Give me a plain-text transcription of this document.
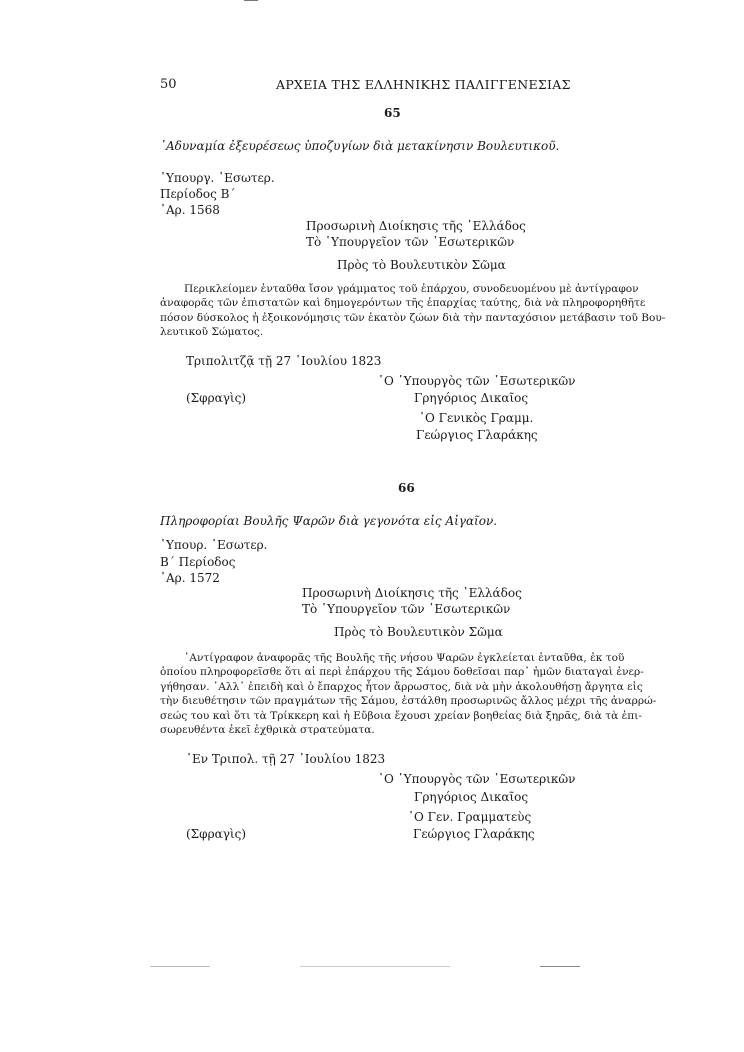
50	ΑΡΧΕΙΑ ΤΗΣ ΕΛΛΗΝΙΚΗΣ ΠΑΛΙΓΓΕΝΕΣΙΑΣ
65
᾿Αδυναμία ἐξευρέσεως ὑποζυγίων διὰ μετακίνησιν Βουλευτικοῦ.
῾Υπουργ. ᾿Εσωτερ.
Περίοδος Β΄
᾿Αρ. 1568
Προσωρινὴ Διοίκησις τῆς ῾Ελλάδος
Τὸ ῾Υπουργεῖον τῶν ᾿Εσωτερικῶν
Πρὸς τὸ Βουλευτικὸν Σῶμα
Περικλείομεν ἐνταῦθα ἴσον γράμματος τοῦ ἐπάρχου, συνοδευομένου μὲ ἀντίγραφον
ἀναφορᾶς τῶν ἐπιστατῶν καὶ δημογερόντων τῆς ἐπαρχίας ταύτης, διὰ νὰ πληροφορηθῆτε
πόσον δύσκολος ἡ ἐξοικονόμησις τῶν ἑκατὸν ζώων διὰ τὴν πανταχόσιον μετάβασιν τοῦ Βου-
λευτικοῦ Σώματος.
Τριπολιτζᾷ τῇ 27 ᾿Ιουλίου 1823
῾Ο ῾Υπουργὸς τῶν ᾿Εσωτερικῶν
(Σφραγὶς)	Γρηγόριος Δικαῖος
῾Ο Γενικὸς Γραμμ.
Γεώργιος Γλαράκης
66
Πληροφορίαι Βουλῆς Ψαρῶν διὰ γεγονότα εἰς Αἰγαῖον.
῾Υπουρ. ᾿Εσωτερ.
Β΄ Περίοδος
᾿Αρ. 1572
Προσωρινὴ Διοίκησις τῆς ῾Ελλάδος
Τὸ ῾Υπουργεῖον τῶν ᾿Εσωτερικῶν
Πρὸς τὸ Βουλευτικὸν Σῶμα
᾿Αντίγραφον ἀναφορᾶς τῆς Βουλῆς τῆς νήσου Ψαρῶν ἐγκλείεται ἐνταῦθα, ἐκ τοῦ
ὁποίου πληροφορεῖσθε ὅτι αἱ περὶ ἐπάρχου τῆς Σάμου δοθεῖσαι παρ᾿ ἡμῶν διαταγαὶ ἐνερ-
γήθησαν. ᾿Αλλ᾿ ἐπειδὴ καὶ ὁ ἔπαρχος ἦτον ἄρρωστος, διὰ νὰ μὴν ἀκολουθήσῃ ἄργητα εἰς
τὴν διευθέτησιν τῶν πραγμάτων τῆς Σάμου, ἐστάλθη προσωρινῶς ἄλλος μέχρι τῆς ἀναρρώ-
σεώς του καὶ ὅτι τὰ Τρίκκερη καὶ ἡ Εὔβοια ἔχουσι χρείαν βοηθείας διὰ ξηρᾶς, διὰ τὰ ἐπι-
σωρευθέντα ἐκεῖ ἐχθρικὰ στρατεύματα.
᾿Εν Τριπολ. τῇ 27 ᾿Ιουλίου 1823
῾Ο ῾Υπουργὸς τῶν ᾿Εσωτερικῶν
Γρηγόριος Δικαῖος
῾Ο Γεν. Γραμματεὺς
(Σφραγὶς)	Γεώργιος Γλαράκης
